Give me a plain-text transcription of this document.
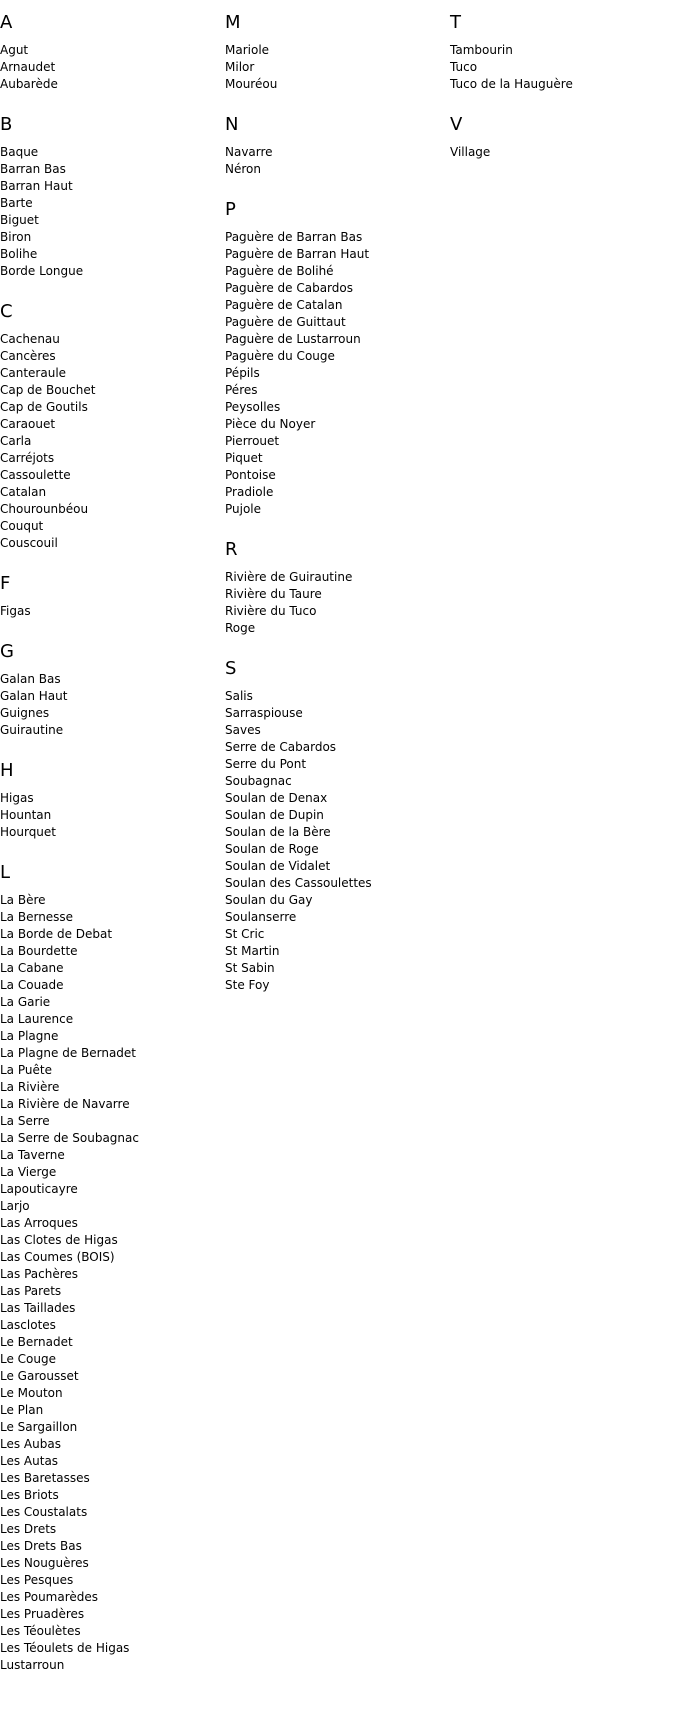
A
Agut
Arnaudet
Aubarède
B
Baque
Barran Bas
Barran Haut
Barte
Biguet
Biron
Bolihe
Borde Longue
C
Cachenau
Cancères
Canteraule
Cap de Bouchet
Cap de Goutils
Caraouet
Carla
Carréjots
Cassoulette
Catalan
Chourounbéou
Couqut
Couscouil
F
Figas
G
Galan Bas
Galan Haut
Guignes
Guirautine
H
Higas
Hountan
Hourquet
L
La Bère
La Bernesse
La Borde de Debat
La Bourdette
La Cabane
La Couade
La Garie
La Laurence
La Plagne
La Plagne de Bernadet
La Puête
La Rivière
La Rivière de Navarre
La Serre
La Serre de Soubagnac
La Taverne
La Vierge
Lapouticayre
Larjo
Las Arroques
Las Clotes de Higas
Las Coumes (BOIS)
Las Pachères
Las Parets
Las Taillades
Lasclotes
Le Bernadet
Le Couge
Le Garousset
Le Mouton
Le Plan
Le Sargaillon
Les Aubas
Les Autas
Les Baretasses
Les Briots
Les Coustalats
Les Drets
Les Drets Bas
Les Nouguères
Les Pesques
Les Poumarèdes
Les Pruadères
Les Téoulètes
Les Téoulets de Higas
Lustarroun
M
Mariole
Milor
Mouréou
N
Navarre
Néron
P
Paguère de Barran Bas
Paguère de Barran Haut
Paguère de Bolihé
Paguère de Cabardos
Paguère de Catalan
Paguère de Guittaut
Paguère de Lustarroun
Paguère du Couge
Pépils
Péres
Peysolles
Pièce du Noyer
Pierrouet
Piquet
Pontoise
Pradiole
Pujole
R
Rivière de Guirautine
Rivière du Taure
Rivière du Tuco
Roge
S
Salis
Sarraspiouse
Saves
Serre de Cabardos
Serre du Pont
Soubagnac
Soulan de Denax
Soulan de Dupin
Soulan de la Bère
Soulan de Roge
Soulan de Vidalet
Soulan des Cassoulettes
Soulan du Gay
Soulanserre
St Cric
St Martin
St Sabin
Ste Foy
T
Tambourin
Tuco
Tuco de la Hauguère
V
Village
